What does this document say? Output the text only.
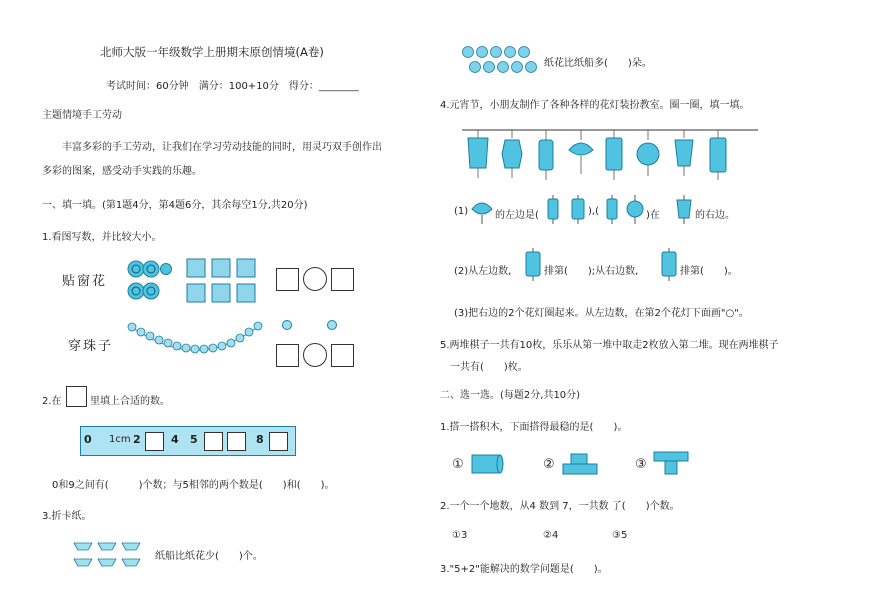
北师大版一年级数学上册期末原创情境(A卷)
考试时间：60分钟　满分：100+10分　得分：________
主题情境手工劳动
丰富多彩的手工劳动，让我们在学习劳动技能的同时，用灵巧双手创作出
多彩的图案，感受动手实践的乐趣。
一、填一填。(第1题4分，第4题6分，其余每空1分,共20分)
1.看图写数，并比较大小。
贴窗花
穿珠子
2.在	里填上合适的数。
0 1cm 2	4 5	8
0和9之间有(　　　)个数；与5相邻的两个数是(　　)和(　　)。
3.折卡纸。
纸船比纸花少(　　)个。
纸花比纸船多(　　)朵。
4.元宵节，小朋友制作了各种各样的花灯装扮教室。圈一圈，填一填。
(1)	的左边是(	),(	)在	的右边。
(2)从左边数,	排第(　　);从右边数,	排第(　　)。
(3)把右边的2个花灯圈起来。从左边数，在第2个花灯下面画"○"。
5.两堆棋子一共有10枚，乐乐从第一堆中取走2枚放入第二堆。现在两堆棋子
一共有(　　)枚。
二、选一选。(每题2分,共10分)
1.搭一搭积木，下面搭得最稳的是(　　)。
①	②	③
2.一个一个地数，从4 数到 7，一共数 了(　　)个数。
①3	②4	③5
3."5+2"能解决的数学问题是(　　)。
